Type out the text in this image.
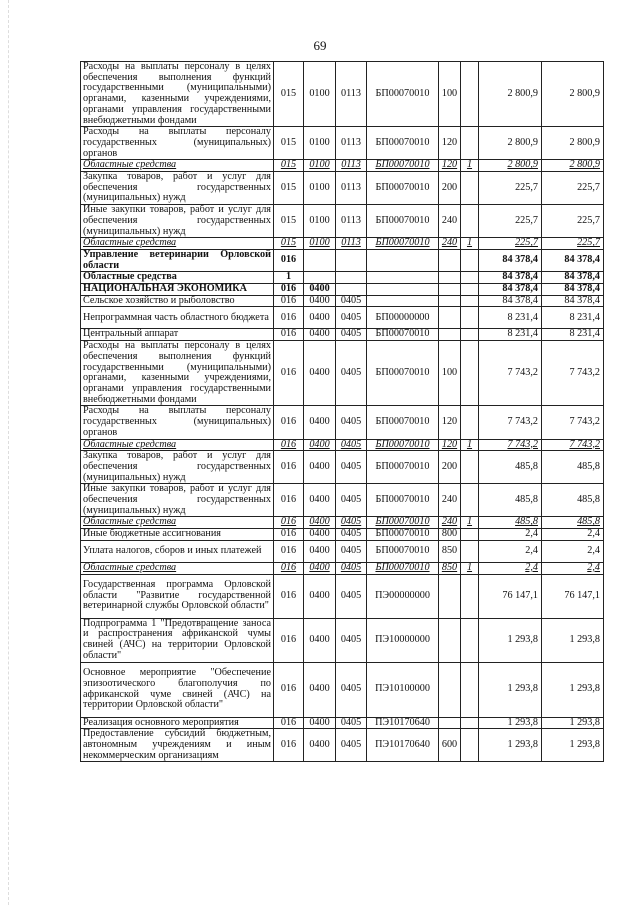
69
Расходы на выплаты персоналу в целях обеспечения выполнения функций государственными (муниципальными) органами, казенными учреждениями, органами управления государственными внебюджетными фондами	015	0100	0113	БП00070010	100		2 800,9	2 800,9
Расходы на выплаты персоналу государственных (муниципальных) органов	015	0100	0113	БП00070010	120		2 800,9	2 800,9
Областные средства	015	0100	0113	БП00070010	120	1	2 800,9	2 800,9
Закупка товаров, работ и услуг для обеспечения государственных (муниципальных) нужд	015	0100	0113	БП00070010	200		225,7	225,7
Иные закупки товаров, работ и услуг для обеспечения государственных (муниципальных) нужд	015	0100	0113	БП00070010	240		225,7	225,7
Областные средства	015	0100	0113	БП00070010	240	1	225,7	225,7
Управление ветеринарии Орловской области	016						84 378,4	84 378,4
Областные средства	1						84 378,4	84 378,4
НАЦИОНАЛЬНАЯ ЭКОНОМИКА	016	0400					84 378,4	84 378,4
Сельское хозяйство и рыболовство	016	0400	0405				84 378,4	84 378,4
Непрограммная часть областного бюджета	016	0400	0405	БП00000000			8 231,4	8 231,4
Центральный аппарат	016	0400	0405	БП00070010			8 231,4	8 231,4
Расходы на выплаты персоналу в целях обеспечения выполнения функций государственными (муниципальными) органами, казенными учреждениями, органами управления государственными внебюджетными фондами	016	0400	0405	БП00070010	100		7 743,2	7 743,2
Расходы на выплаты персоналу государственных (муниципальных) органов	016	0400	0405	БП00070010	120		7 743,2	7 743,2
Областные средства	016	0400	0405	БП00070010	120	1	7 743,2	7 743,2
Закупка товаров, работ и услуг для обеспечения государственных (муниципальных) нужд	016	0400	0405	БП00070010	200		485,8	485,8
Иные закупки товаров, работ и услуг для обеспечения государственных (муниципальных) нужд	016	0400	0405	БП00070010	240		485,8	485,8
Областные средства	016	0400	0405	БП00070010	240	1	485,8	485,8
Иные бюджетные ассигнования	016	0400	0405	БП00070010	800		2,4	2,4
Уплата налогов, сборов и иных платежей	016	0400	0405	БП00070010	850		2,4	2,4
Областные средства	016	0400	0405	БП00070010	850	1	2,4	2,4
Государственная программа Орловской области "Развитие государственной ветеринарной службы Орловской области"	016	0400	0405	ПЭ00000000			76 147,1	76 147,1
Подпрограмма 1 "Предотвращение заноса и распространения африканской чумы свиней (АЧС) на территории Орловской области"	016	0400	0405	ПЭ10000000			1 293,8	1 293,8
Основное мероприятие "Обеспечение эпизоотического благополучия по африканской чуме свиней (АЧС) на территории Орловской области"	016	0400	0405	ПЭ10100000			1 293,8	1 293,8
Реализация основного мероприятия	016	0400	0405	ПЭ10170640			1 293,8	1 293,8
Предоставление субсидий бюджетным, автономным учреждениям и иным некоммерческим организациям	016	0400	0405	ПЭ10170640	600		1 293,8	1 293,8
